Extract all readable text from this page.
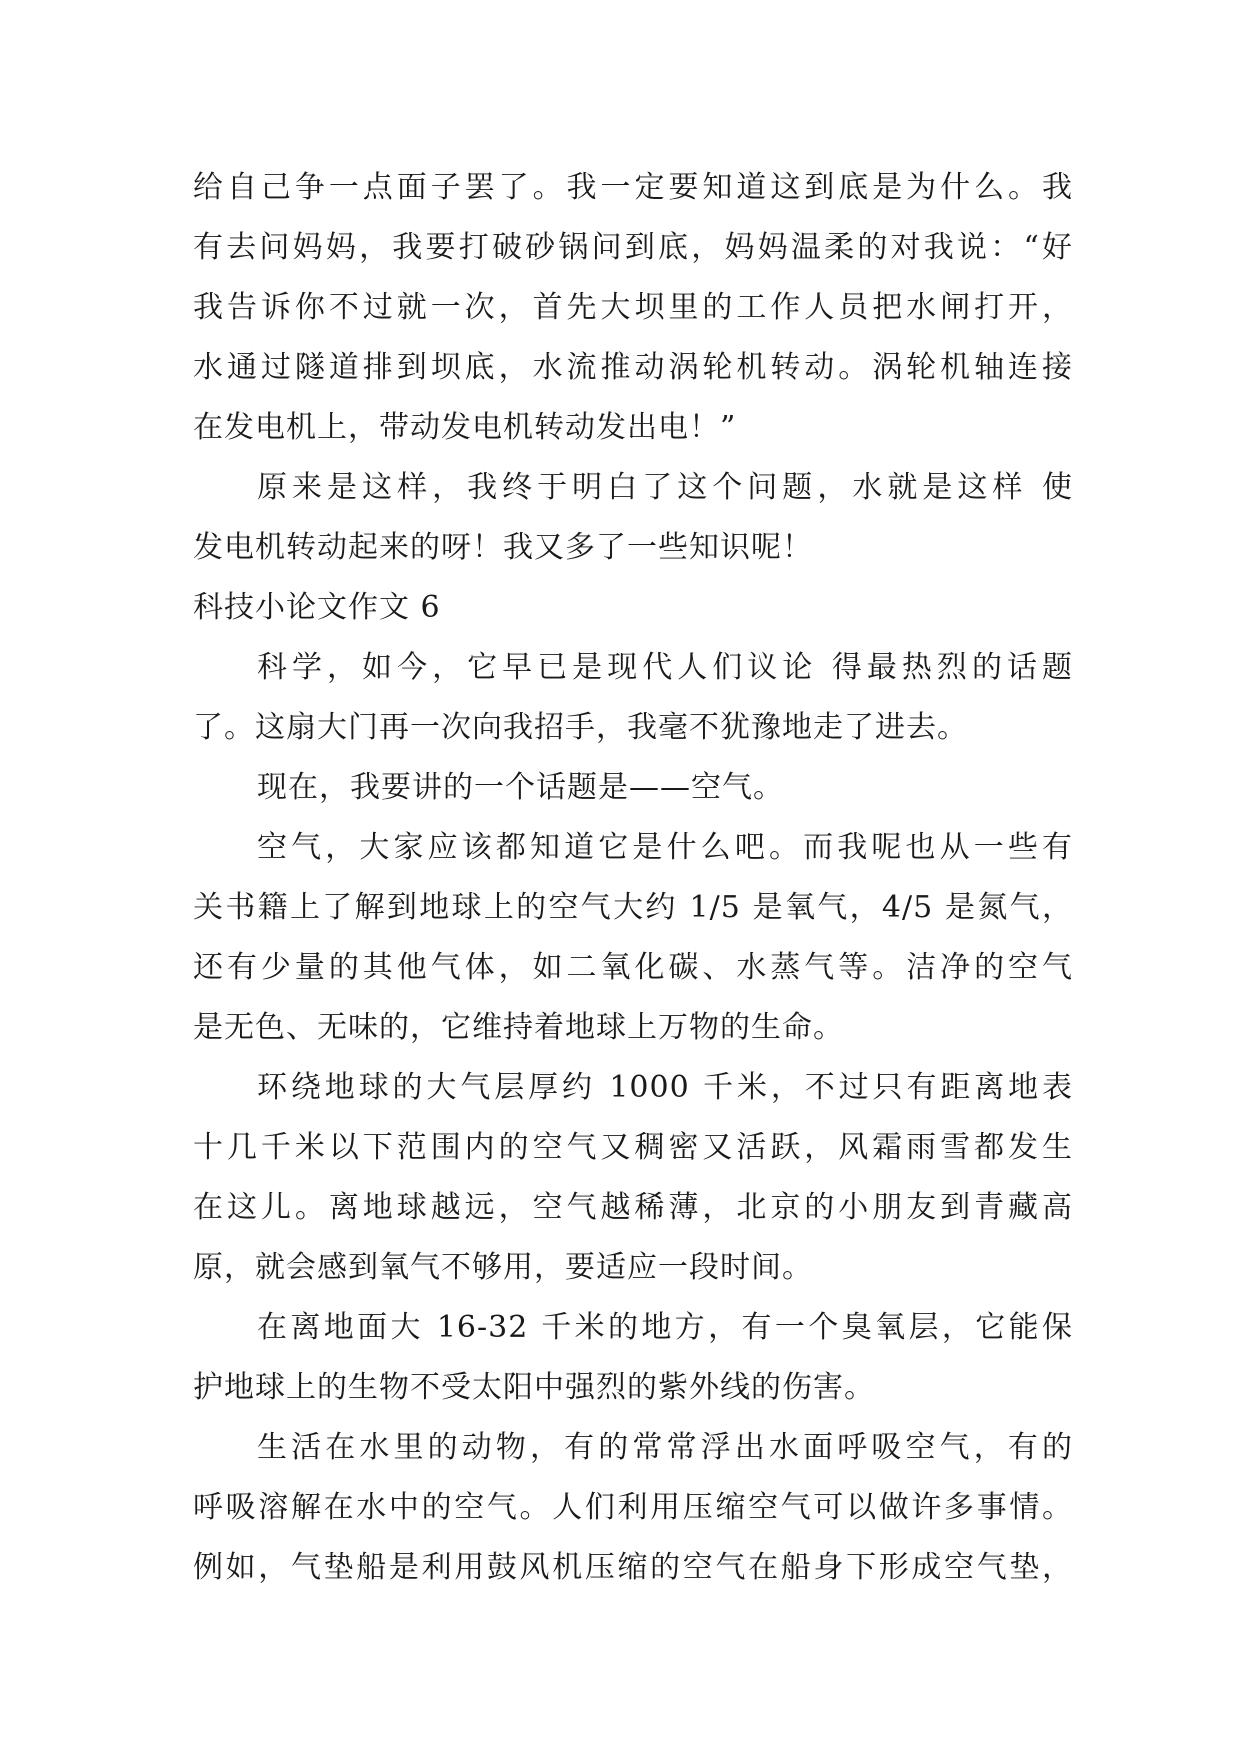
给自己争一点面子罢了。我一定要知道这到底是为什么。我
有去问妈妈，我要打破砂锅问到底，妈妈温柔的对我说：“好
我告诉你不过就一次，首先大坝里的工作人员把水闸打开，
水通过隧道排到坝底，水流推动涡轮机转动。涡轮机轴连接
在发电机上，带动发电机转动发出电！”
原来是这样，我终于明白了这个问题，水就是这样 使
发电机转动起来的呀！我又多了一些知识呢！
科技小论文作文 6
科学，如今，它早已是现代人们议论 得最热烈的话题
了。这扇大门再一次向我招手，我毫不犹豫地走了进去。
现在，我要讲的一个话题是——空气。
空气，大家应该都知道它是什么吧。而我呢也从一些有
关书籍上了解到地球上的空气大约 1/5 是氧气，4/5 是氮气，
还有少量的其他气体，如二氧化碳、水蒸气等。洁净的空气
是无色、无味的，它维持着地球上万物的生命。
环绕地球的大气层厚约 1000 千米，不过只有距离地表
十几千米以下范围内的空气又稠密又活跃，风霜雨雪都发生
在这儿。离地球越远，空气越稀薄，北京的小朋友到青藏高
原，就会感到氧气不够用，要适应一段时间。
在离地面大 16-32 千米的地方，有一个臭氧层，它能保
护地球上的生物不受太阳中强烈的紫外线的伤害。
生活在水里的动物，有的常常浮出水面呼吸空气，有的
呼吸溶解在水中的空气。人们利用压缩空气可以做许多事情。
例如，气垫船是利用鼓风机压缩的空气在船身下形成空气垫，
